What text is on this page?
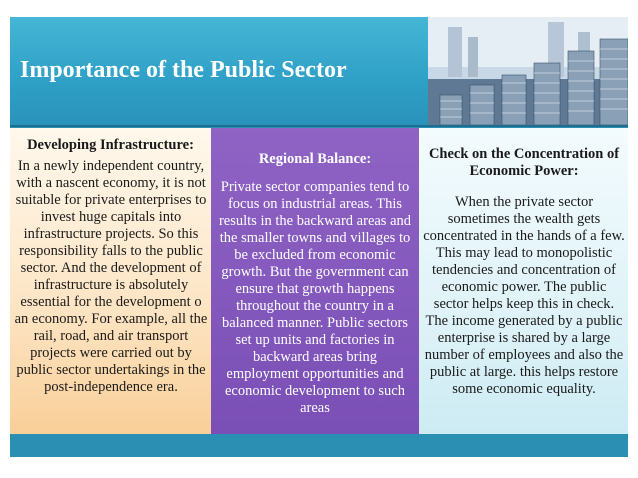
Importance of the Public Sector
Developing Infrastructure:
In a newly independent country, with a nascent economy, it is not suitable for private enterprises to invest huge capitals into infrastructure projects. So this responsibility falls to the public sector. And the development of infrastructure is absolutely essential for the development o an economy. For example, all the rail, road, and air transport projects were carried out by public sector undertakings in the post-independence era.
Regional Balance:
Private sector companies tend to focus on industrial areas. This results in the backward areas and the smaller towns and villages to be excluded from economic growth. But the government can ensure that growth happens throughout the country in a balanced manner. Public sectors set up units and factories in backward areas bring employment opportunities and economic development to such areas
Check on the Concentration of Economic Power:
When the private sector sometimes the wealth gets concentrated in the hands of a few. This may lead to monopolistic tendencies and concentration of economic power. The public sector helps keep this in check. The income generated by a public enterprise is shared by a large number of employees and also the public at large. this helps restore some economic equality.
